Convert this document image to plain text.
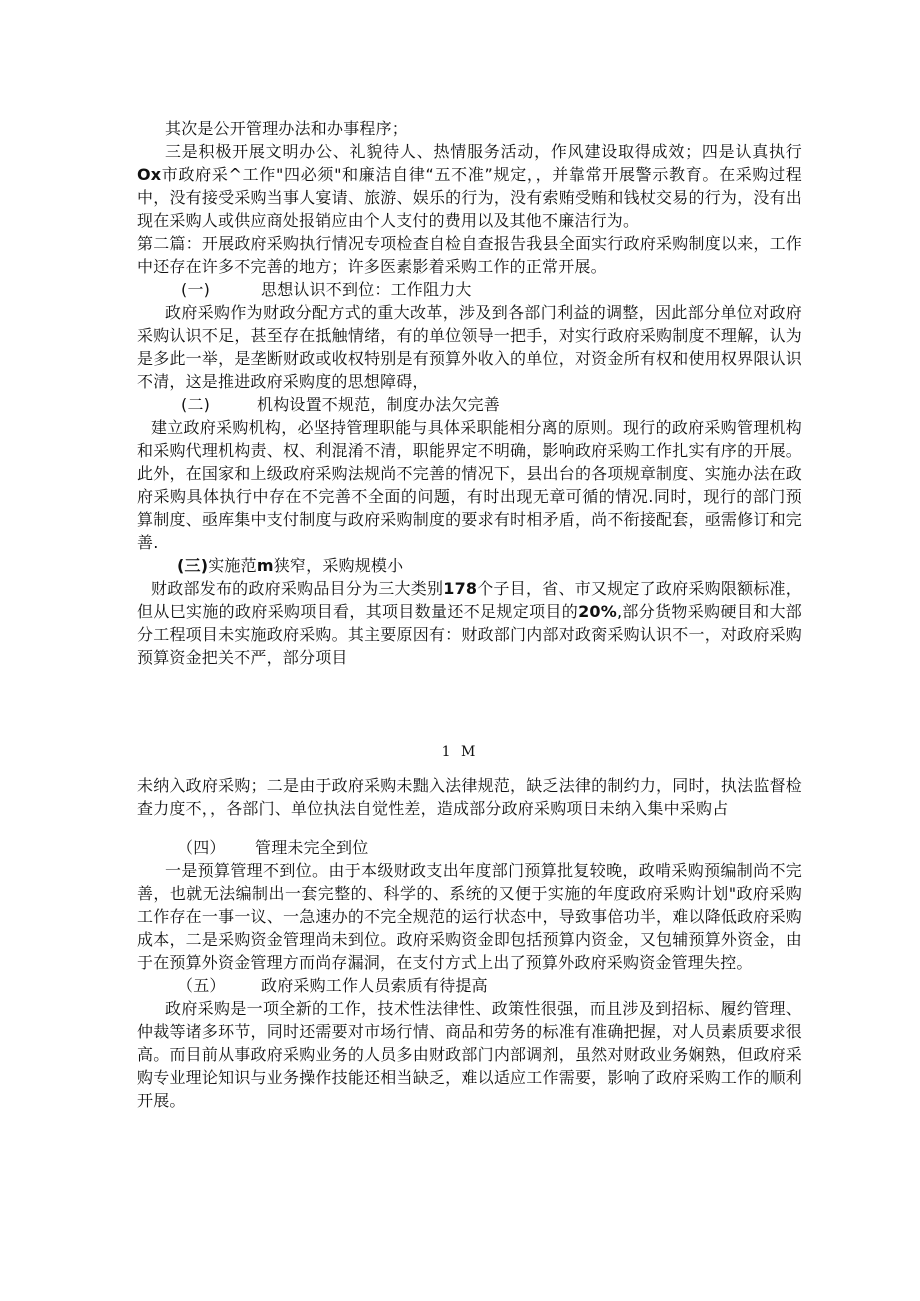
其次是公开管理办法和办事程序；

三是积极开展文明办公、礼貌待人、热情服务活动，作风建设取得成效；四是认真执行Ox市政府采^工作"四必须"和廉洁自律“五不准”规定，，并靠常开展警示教育。在采购过程中，没有接受采购当事人宴请、旅游、娱乐的行为，没有索贿受贿和钱杖交易的行为，没有出现在采购人或供应商处报销应由个人支付的费用以及其他不廉洁行为。

第二篇：开展政府采购执行情况专项检查自检自查报告我县全面实行政府采购制度以来，工作中还存在许多不完善的地方；许多医素影着采购工作的正常开展。

(一)	思想认识不到位：工作阻力大

政府采购作为财政分配方式的重大改革，涉及到各部门利益的调整，因此部分单位对政府采购认识不足，甚至存在抵触情绪，有的单位领导一把手，对实行政府采购制度不理解，认为是多此一举，是垄断财政或收权特别是有预算外收入的单位，对资金所有权和使用权界限认识不清，这是推进政府采购度的思想障碍，

(二)	机构设置不规范，制度办法欠完善

建立政府采购机构，必坚持管理职能与具体采职能相分离的原则。现行的政府采购管理机构和采购代理机构责、权、利混淆不清，职能界定不明确，影响政府采购工作扎实有序的开展。此外，在国家和上级政府采购法规尚不完善的情况下，县出台的各项规章制度、实施办法在政府采购具体执行中存在不完善不全面的问题，有时出现无章可循的情况.同时，现行的部门预算制度、亟库集中支付制度与政府采购制度的要求有时相矛盾，尚不衔接配套，亟需修订和完善.

(三)实施范m狭窄，采购规模小

财政部发布的政府采购品目分为三大类别178个子目，省、市又规定了政府采购限额标准，但从巳实施的政府采购项目看，其项目数量还不足规定项目的20%,部分货物采购硬目和大部分工程项目未实施政府采购。其主要原因有：财政部门内部对政脔采购认识不一，对政府采购预算资金把关不严，部分项目

1 M

未纳入政府采购；二是由于政府采购未黜入法律规范，缺乏法律的制约力，同时，执法监督检查力度不，，各部门、单位执法自觉性差，造成部分政府采购项日未纳入集中采购占

（四） 管理未完全到位

一是预算管理不到位。由于本级财政支出年度部门预算批复较晚，政啃采购预编制尚不完善，也就无法编制出一套完整的、科学的、系统的又便于实施的年度政府采购计划"政府采购工作存在一事一议、一急速办的不完全规范的运行状态中，导致事倍功半，难以降低政府采购成本，二是采购资金管理尚未到位。政府采购资金即包括预算内资金，又包辅预算外资金，由于在预算外资金管理方而尚存漏洞，在支付方式上出了预算外政府采购资金管理失控。

（五） 政府采购工作人员索质有待提高

政府采购是一项全新的工作，技术性法律性、政策性很强，而且涉及到招标、履约管理、仲裁等诸多环节，同时还需要对市场行情、商品和劳务的标准有准确把握，对人员素质要求很高。而目前从事政府采购业务的人员多由财政部门内部调剂，虽然对财政业务娴熟，但政府采购专业理论知识与业务操作技能还相当缺乏，难以适应工作需要，影响了政府采购工作的顺利开展。
